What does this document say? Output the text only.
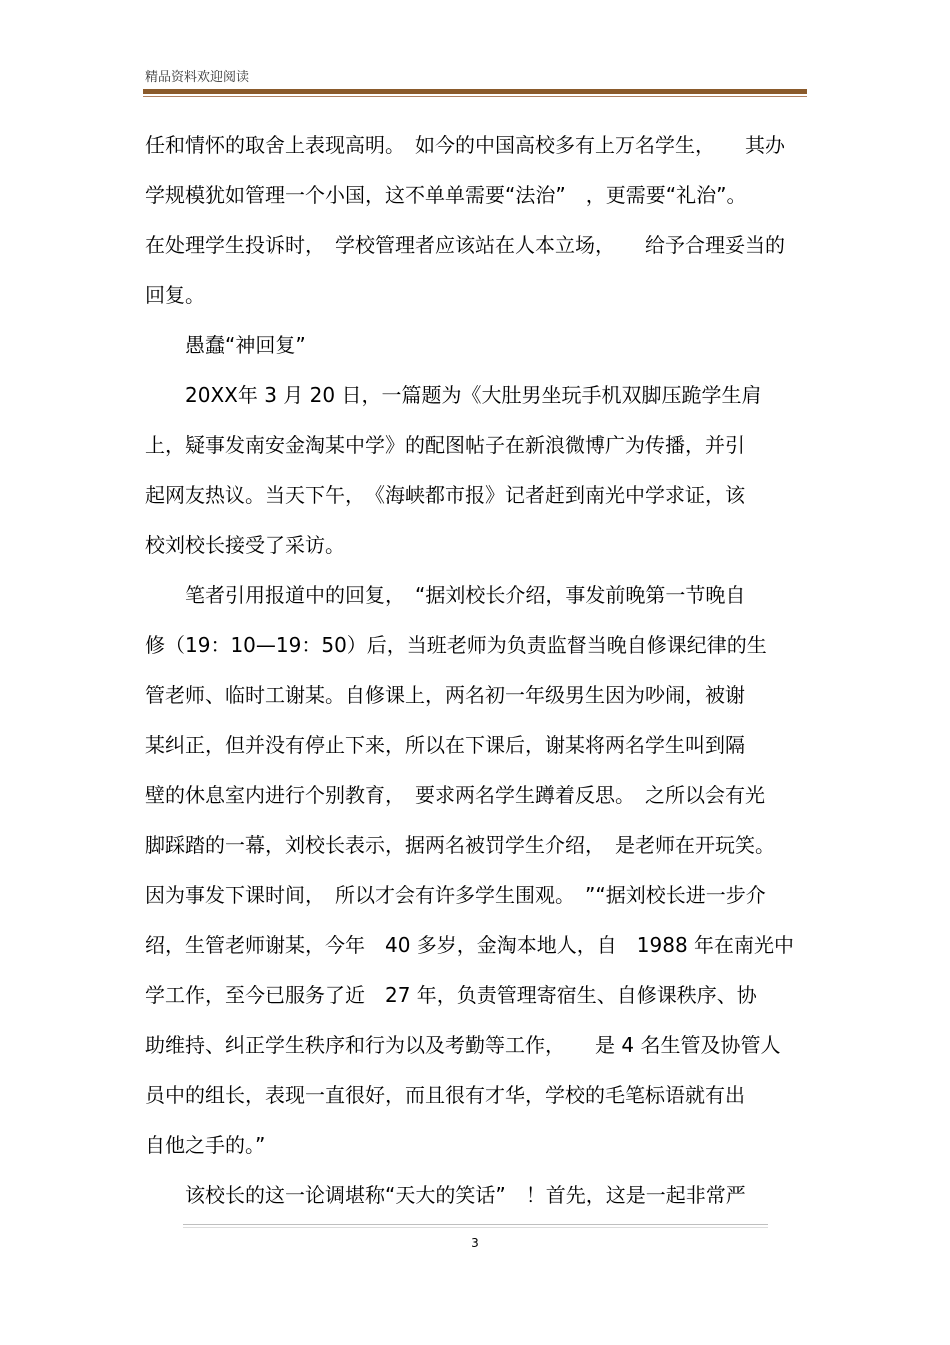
精品资料欢迎阅读
任和情怀的取舍上表现高明。　如今的中国高校多有上万名学生，　　其办
学规模犹如管理一个小国，这不单单需要“法治”　，更需要“礼治”。
在处理学生投诉时，　学校管理者应该站在人本立场，　　给予合理妥当的
回复。
　　愚蠢“神回复”
　　20XX年 3 月 20 日，一篇题为《大肚男坐玩手机双脚压跪学生肩
上，疑事发南安金淘某中学》的配图帖子在新浪微博广为传播，并引
起网友热议。当天下午，　《海峡都市报》记者赶到南光中学求证，该
校刘校长接受了采访。
　　笔者引用报道中的回复，　“据刘校长介绍，事发前晚第一节晚自
修（19：10—19：50）后，当班老师为负责监督当晚自修课纪律的生
管老师、临时工谢某。自修课上，两名初一年级男生因为吵闹，被谢
某纠正，但并没有停止下来，所以在下课后，谢某将两名学生叫到隔
壁的休息室内进行个别教育，　要求两名学生蹲着反思。　之所以会有光
脚踩踏的一幕，刘校长表示，据两名被罚学生介绍，　是老师在开玩笑。
因为事发下课时间，　所以才会有许多学生围观。　”“据刘校长进一步介
绍，生管老师谢某，今年　40 多岁，金淘本地人，自　1988 年在南光中
学工作，至今已服务了近　27 年，负责管理寄宿生、自修课秩序、协
助维持、纠正学生秩序和行为以及考勤等工作，　　是 4 名生管及协管人
员中的组长，表现一直很好，而且很有才华，学校的毛笔标语就有出
自他之手的。”
　　该校长的这一论调堪称“天大的笑话”　！首先，这是一起非常严
3
